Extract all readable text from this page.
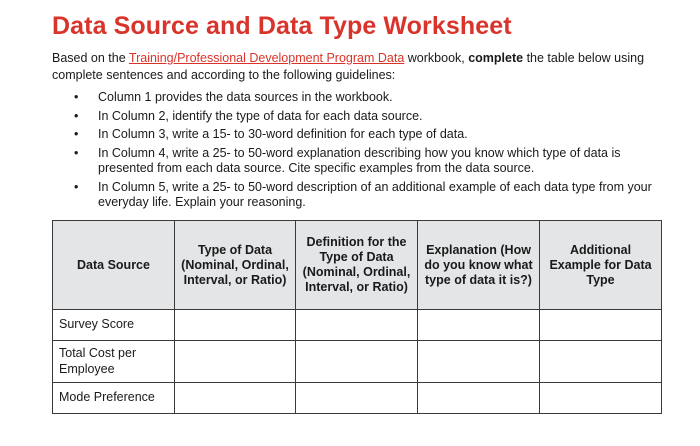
Data Source and Data Type Worksheet
Based on the Training/Professional Development Program Data workbook, complete the table below using complete sentences and according to the following guidelines:
• Column 1 provides the data sources in the workbook.
• In Column 2, identify the type of data for each data source.
• In Column 3, write a 15- to 30-word definition for each type of data.
• In Column 4, write a 25- to 50-word explanation describing how you know which type of data is presented from each data source. Cite specific examples from the data source.
• In Column 5, write a 25- to 50-word description of an additional example of each data type from your everyday life. Explain your reasoning.
Data Source	Type of Data (Nominal, Ordinal, Interval, or Ratio)	Definition for the Type of Data (Nominal, Ordinal, Interval, or Ratio)	Explanation (How do you know what type of data it is?)	Additional Example for Data Type
Survey Score				
Total Cost per Employee				
Mode Preference				
